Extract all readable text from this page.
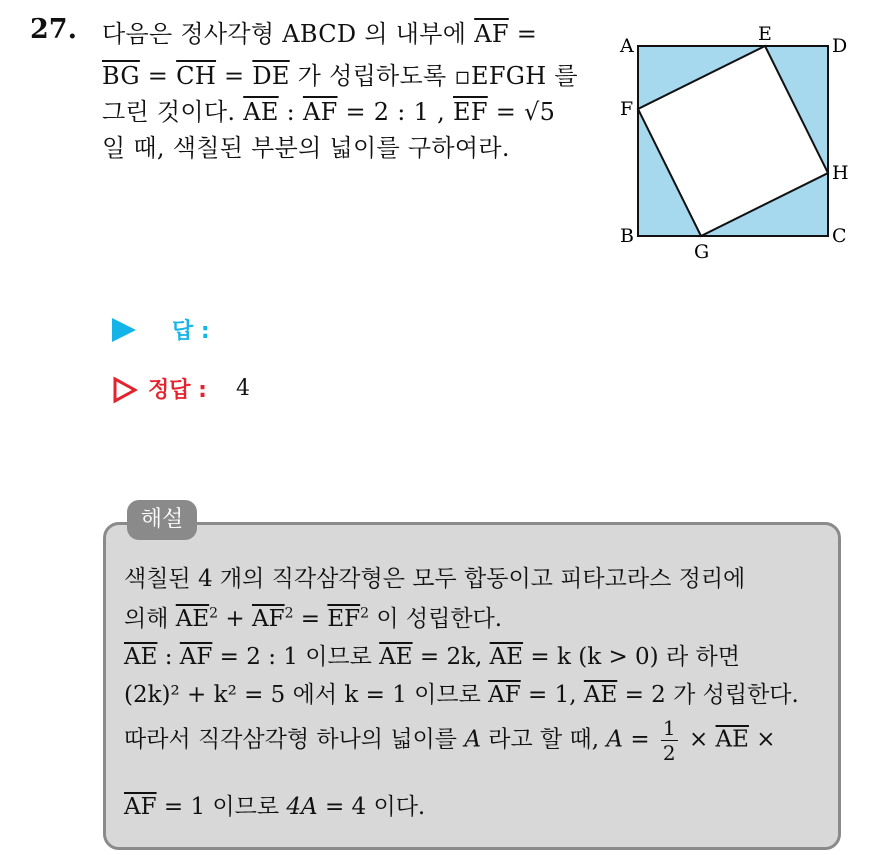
27. 다음은 정사각형 ABCD 의 내부에 $\overline{AF}$ =
$\overline{BG} = \overline{CH} = \overline{DE}$ 가 성립하도록 ▫EFGH 를
그린 것이다. $\overline{AE}$ : $\overline{AF} = 2$ : 1 , $\overline{EF} = √5$
일 때, 색칠된 부분의 넓이를 구하여라.
A
E
D
F
H
B
G
C
답 :
정답 : 4
해설
색칠된 4 개의 직각삼각형은 모두 합동이고 피타고라스 정리에
의해 $\overline{AE}^2 + \overline{AF}^2 = \overline{EF}^2$ 이 성립한다.
$\overline{AE}$ : $\overline{AF} = 2$ : 1 이므로 $\overline{AE} = 2k$, $\overline{AE} = k$ (k > 0) 라 하면
(2k)² + k² = 5 에서 k = 1 이므로 $\overline{AF} = 1$, $\overline{AE} = 2$ 가 성립한다.
따라서 직각삼각형 하나의 넓이를 A 라고 할 때, $A = \frac{1}{2} \times \overline{AE}$ ×
$\overline{AF} = 1$ 이므로 4A = 4 이다.
